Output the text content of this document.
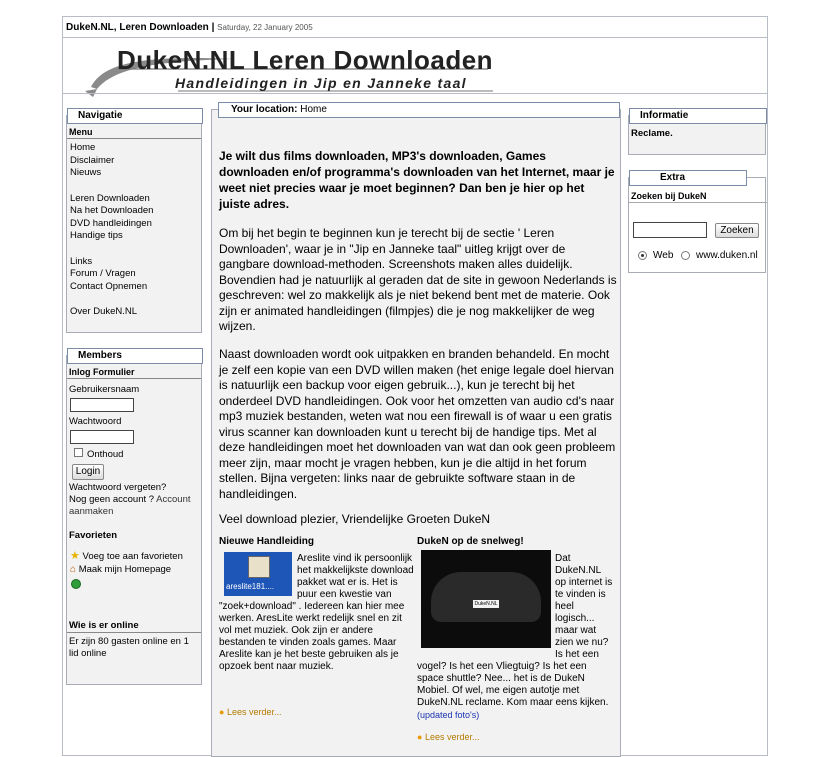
DukeN.NL, Leren Downloaden | Saturday, 22 January 2005
DukeN.NL Leren Downloaden
Handleidingen in Jip en Janneke taal
Navigatie
Menu
Home
Disclaimer
Nieuws
Leren Downloaden
Na het Downloaden
DVD handleidingen
Handige tips
Links
Forum / Vragen
Contact Opnemen
Over DukeN.NL
Members
Inlog Formulier
Gebruikersnaam
Wachtwoord
Onthoud
Login
Wachtwoord vergeten?
Nog geen account ? Account aanmaken
Favorieten
★ Voeg toe aan favorieten
⌂ Maak mijn Homepage
Wie is er online
Er zijn 80 gasten online en 1 lid online
Your location: Home
Je wilt dus films downloaden, MP3's downloaden, Games downloaden en/of programma's downloaden van het Internet, maar je weet niet precies waar je moet beginnen? Dan ben je hier op het juiste adres.
Om bij het begin te beginnen kun je terecht bij de sectie ' Leren Downloaden', waar je in "Jip en Janneke taal" uitleg krijgt over de gangbare download-methoden. Screenshots maken alles duidelijk. Bovendien had je natuurlijk al geraden dat de site in gewoon Nederlands is geschreven: wel zo makkelijk als je niet bekend bent met de materie. Ook zijn er animated handleidingen (filmpjes) die je nog makkelijker de weg wijzen.
Naast downloaden wordt ook uitpakken en branden behandeld. En mocht je zelf een kopie van een DVD willen maken (het enige legale doel hiervan is natuurlijk een backup voor eigen gebruik...), kun je terecht bij het onderdeel DVD handleidingen. Ook voor het omzetten van audio cd's naar mp3 muziek bestanden, weten wat nou een firewall is of waar u een gratis virus scanner kan downloaden kunt u terecht bij de handige tips. Met al deze handleidingen moet het downloaden van wat dan ook geen probleem meer zijn, maar mocht je vragen hebben, kun je die altijd in het forum stellen. Bijna vergeten: links naar de gebruikte software staan in de handleidingen.
Veel download plezier, Vriendelijke Groeten DukeN
Nieuwe Handleiding
areslite181....
Areslite vind ik persoonlijk het makkelijkste download pakket wat er is. Het is puur een kwestie van "zoek+download" . Iedereen kan hier mee werken. AresLite werkt redelijk snel en zit vol met muziek. Ook zijn er andere bestanden te vinden zoals games. Maar Areslite kan je het beste gebruiken als je opzoek bent naar muziek.
● Lees verder...
DukeN op de snelweg!
DukeN.NL
Dat DukeN.NL op internet is te vinden is heel logisch... maar wat zien we nu? Is het een vogel? Is het een Vliegtuig? Is het een space shuttle? Nee... het is de DukeN Mobiel. Of wel, me eigen autotje met DukeN.NL reclame. Kom maar eens kijken. (updated foto's)
● Lees verder...
Informatie
Reclame.
Extra
Zoeken bij DukeN
Zoeken
Web www.duken.nl
